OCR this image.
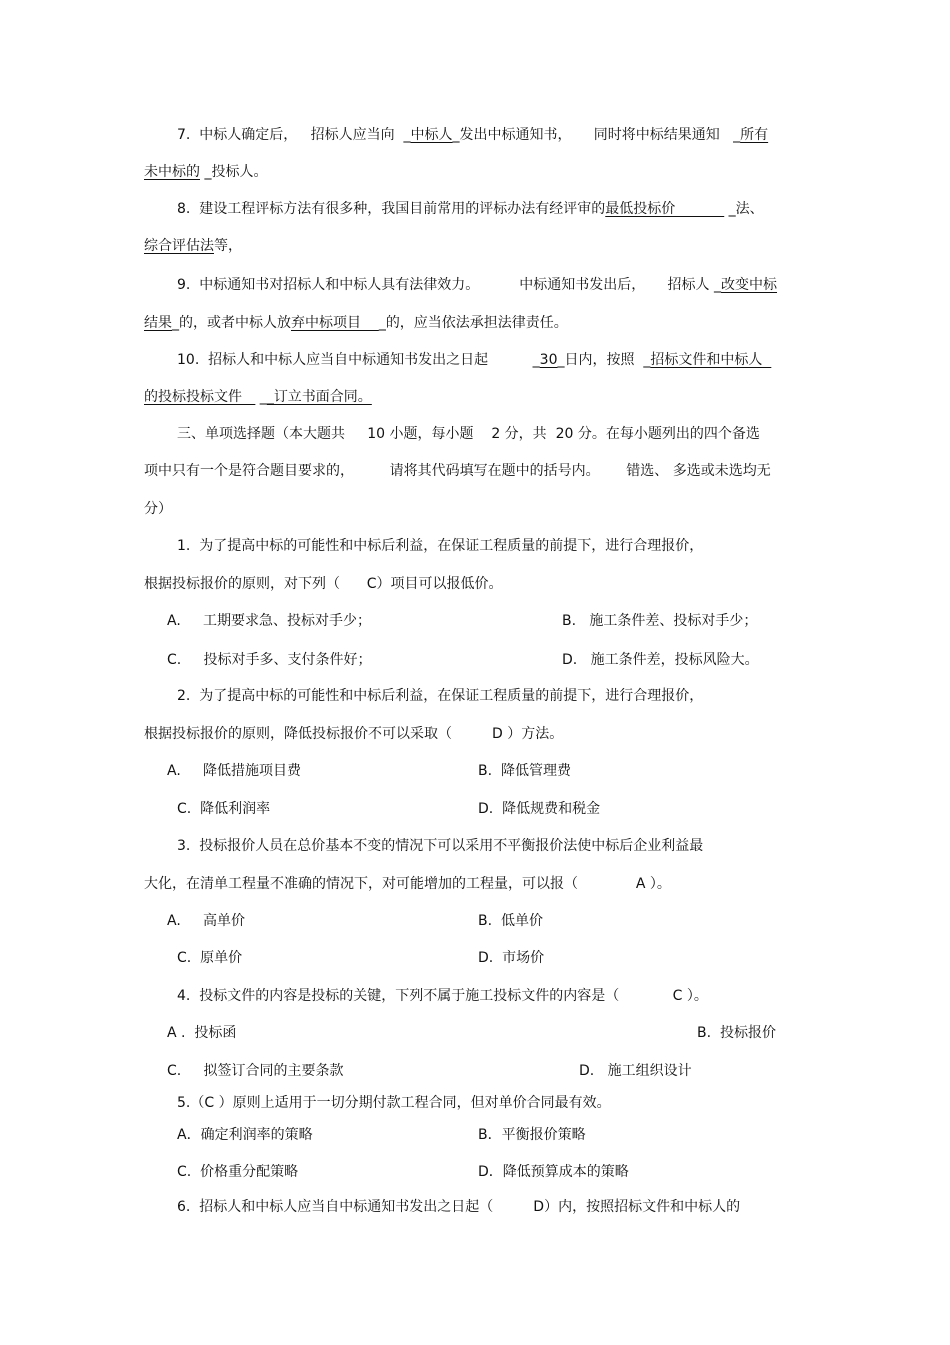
7.  中标人确定后，   招标人应当向  _中标人_发出中标通知书，     同时将中标结果通知   _所有
未中标的 _投标人。
8.  建设工程评标方法有很多种，我国目前常用的评标办法有经评审的最低投标价            _法、
综合评估法等，
9.  中标通知书对招标人和中标人具有法律效力。         中标通知书发出后，     招标人 _改变中标
结果_的，或者中标人放弃中标项目    _的，应当依法承担法律责任。
10.  招标人和中标人应当自中标通知书发出之日起          _30_日内，按照  _招标文件和中标人
的投标投标文件    __订立书面合同。
三、单项选择题（本大题共     10 小题，每小题    2 分，共  20 分。在每小题列出的四个备选
项中只有一个是符合题目要求的，        请将其代码填写在题中的括号内。      错选、 多选或未选均无
分）
1.  为了提高中标的可能性和中标后利益，在保证工程质量的前提下，进行合理报价，
根据投标报价的原则，对下列（      C）项目可以报低价。
A.     工期要求急、投标对手少；	B.   施工条件差、投标对手少；
C.     投标对手多、支付条件好；	D.   施工条件差，投标风险大。
2.  为了提高中标的可能性和中标后利益，在保证工程质量的前提下，进行合理报价，
根据投标报价的原则，降低投标报价不可以采取（         D ）方法。
A.     降低措施项目费	B.  降低管理费
C.  降低利润率	D.  降低规费和税金
3.  投标报价人员在总价基本不变的情况下可以采用不平衡报价法使中标后企业利益最
大化，在清单工程量不准确的情况下，对可能增加的工程量，可以报（             A ）。
A.     高单价	B.  低单价
C.  原单价	D.  市场价
4.  投标文件的内容是投标的关键，下列不属于施工投标文件的内容是（            C ）。
A .  投标函	B.  投标报价
C.     拟签订合同的主要条款	D.   施工组织设计
5.（C ）原则上适用于一切分期付款工程合同，但对单价合同最有效。
A．确定利润率的策略	B．平衡报价策略
C.  价格重分配策略	D．降低预算成本的策略
6.  招标人和中标人应当自中标通知书发出之日起（         D）内，按照招标文件和中标人的
